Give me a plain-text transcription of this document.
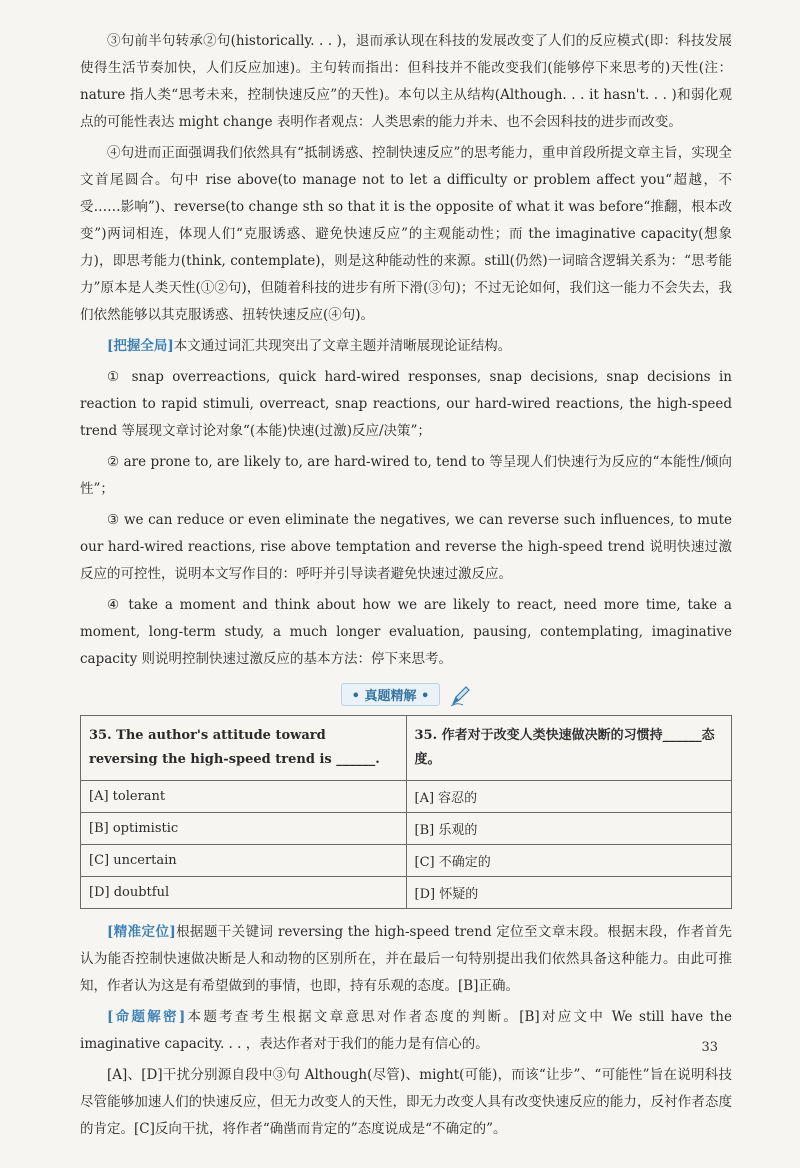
③句前半句转承②句(historically. . . )，退而承认现在科技的发展改变了人们的反应模式(即：科技发展使得生活节奏加快，人们反应加速)。主句转而指出：但科技并不能改变我们(能够停下来思考的)天性(注：nature 指人类“思考未来，控制快速反应”的天性)。本句以主从结构(Although. . . it hasn't. . . )和弱化观点的可能性表达 might change 表明作者观点：人类思索的能力并未、也不会因科技的进步而改变。

④句进而正面强调我们依然具有“抵制诱惑、控制快速反应”的思考能力，重申首段所提文章主旨，实现全文首尾圆合。句中 rise above(to manage not to let a difficulty or problem affect you“超越，不受……影响”)、reverse(to change sth so that it is the opposite of what it was before“推翻，根本改变”)两词相连，体现人们“克服诱惑、避免快速反应”的主观能动性；而 the imaginative capacity(想象力)，即思考能力(think, contemplate)，则是这种能动性的来源。still(仍然)一词暗含逻辑关系为：“思考能力”原本是人类天性(①②句)，但随着科技的进步有所下滑(③句)；不过无论如何，我们这一能力不会失去，我们依然能够以其克服诱惑、扭转快速反应(④句)。

[把握全局]本文通过词汇共现突出了文章主题并清晰展现论证结构。

① snap overreactions, quick hard-wired responses, snap decisions, snap decisions in reaction to rapid stimuli, overreact, snap reactions, our hard-wired reactions, the high-speed trend 等展现文章讨论对象“(本能)快速(过激)反应/决策”；

② are prone to, are likely to, are hard-wired to, tend to 等呈现人们快速行为反应的“本能性/倾向性”；

③ we can reduce or even eliminate the negatives, we can reverse such influences, to mute our hard-wired reactions, rise above temptation and reverse the high-speed trend 说明快速过激反应的可控性，说明本文写作目的：呼吁并引导读者避免快速过激反应。

④ take a moment and think about how we are likely to react, need more time, take a moment, long-term study, a much longer evaluation, pausing, contemplating, imaginative capacity 则说明控制快速过激反应的基本方法：停下来思考。

• 真题精解 •
35. The author's attitude toward reversing the high-speed trend is ______.	35. 作者对于改变人类快速做决断的习惯持______态度。
[A] tolerant	[A] 容忍的
[B] optimistic	[B] 乐观的
[C] uncertain	[C] 不确定的
[D] doubtful	[D] 怀疑的

[精准定位]根据题干关键词 reversing the high-speed trend 定位至文章末段。根据末段，作者首先认为能否控制快速做决断是人和动物的区别所在，并在最后一句特别提出我们依然具备这种能力。由此可推知，作者认为这是有希望做到的事情，也即，持有乐观的态度。[B]正确。

[命题解密]本题考查考生根据文章意思对作者态度的判断。[B]对应文中 We still have the imaginative capacity. . . ，表达作者对于我们的能力是有信心的。

[A]、[D]干扰分别源自段中③句 Although(尽管)、might(可能)，而该“让步”、“可能性”旨在说明科技尽管能够加速人们的快速反应，但无力改变人的天性，即无力改变人具有改变快速反应的能力，反衬作者态度的肯定。[C]反向干扰，将作者“确凿而肯定的”态度说成是“不确定的”。

33
